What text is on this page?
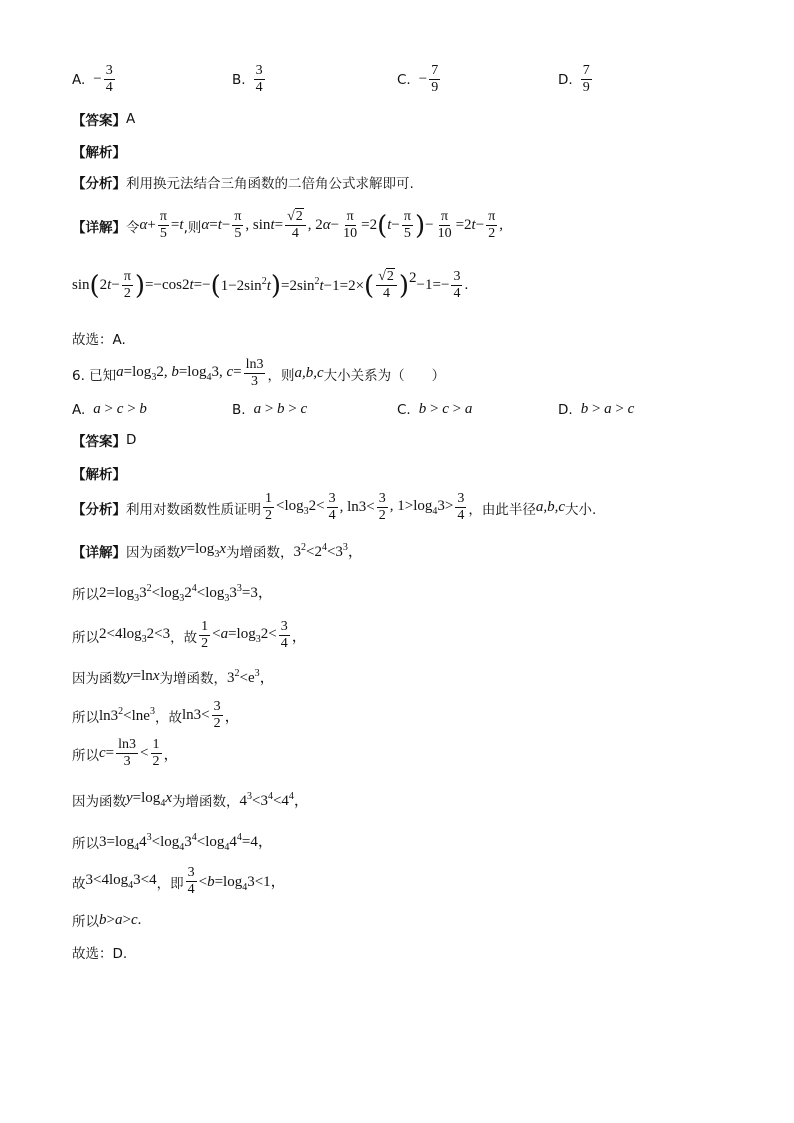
A. − $\frac{3}{4}$	B. $\frac{3}{4}$	C. − $\frac{7}{9}$	D. $\frac{7}{9}$
【答案】 A
【解析】
【分析】 利用换元法结合三角函数的二倍角公式求解即可.
【详解】 令 $\alpha+ \frac{\pi}{5} =t$ ,则 $\alpha=t- \frac{\pi}{5}$ , $\sin t= \frac{√2}{4}$ , $2\alpha- \frac{\pi}{10} =2$ ( $t- \frac{\pi}{5}$ ) − $\frac{\pi}{10} =2t- \frac{\pi}{2}$ ,
sin ( $2t- \frac{\pi}{2}$ ) =−cos2t=− ( $1-2\sin^2t$ ) $=2\sin^2t-1=2\times$ ( $\frac{√2}{4}$ ) $2 -1=- \frac{3}{4}$ .
故选：A.
6. 已知 $a=\log_32$, $b=\log_43$, $c= \frac{\ln 3}{3}$ ，则 a,b,c 大小关系为（　　）
A. a > c > b	B. a > b > c	C. b > c > a	D. b > a > c
【答案】 D
【解析】
【分析】 利用对数函数性质证明 $\frac{1}{2} <\log_32< \frac{3}{4}$ , $\ln 3< \frac{3}{2}$ , $1>\log_43> \frac{3}{4}$ ，由此半径 a,b,c 大小.
【详解】 因为函数 $y=\log_3x$ 为增函数， $3^2<2^4<3^3$，
所以 $2=\log_33^2<\log_32^4<\log_33^3=3$，
所以 $2<4\log_32<3$ ，故 $\frac{1}{2} <a=\log_32< \frac{3}{4}$ ，
因为函数 y=lnx 为增函数， $3^2<e^3$，
所以 $\ln 3^2<\ln e^3$ ，故 $\ln 3< \frac{3}{2}$ ，
所以 $c= \frac{\ln 3}{3} < \frac{1}{2}$ ，
因为函数 $y=\log_4x$ 为增函数， $4^3<3^4<4^4$，
所以 $3=\log_44^3<\log_43^4<\log_44^4=4$，
故 $3<4\log_43<4$ ，即 $\frac{3}{4} <b=\log_43<1$，
所以 b>a>c.
故选：D.
